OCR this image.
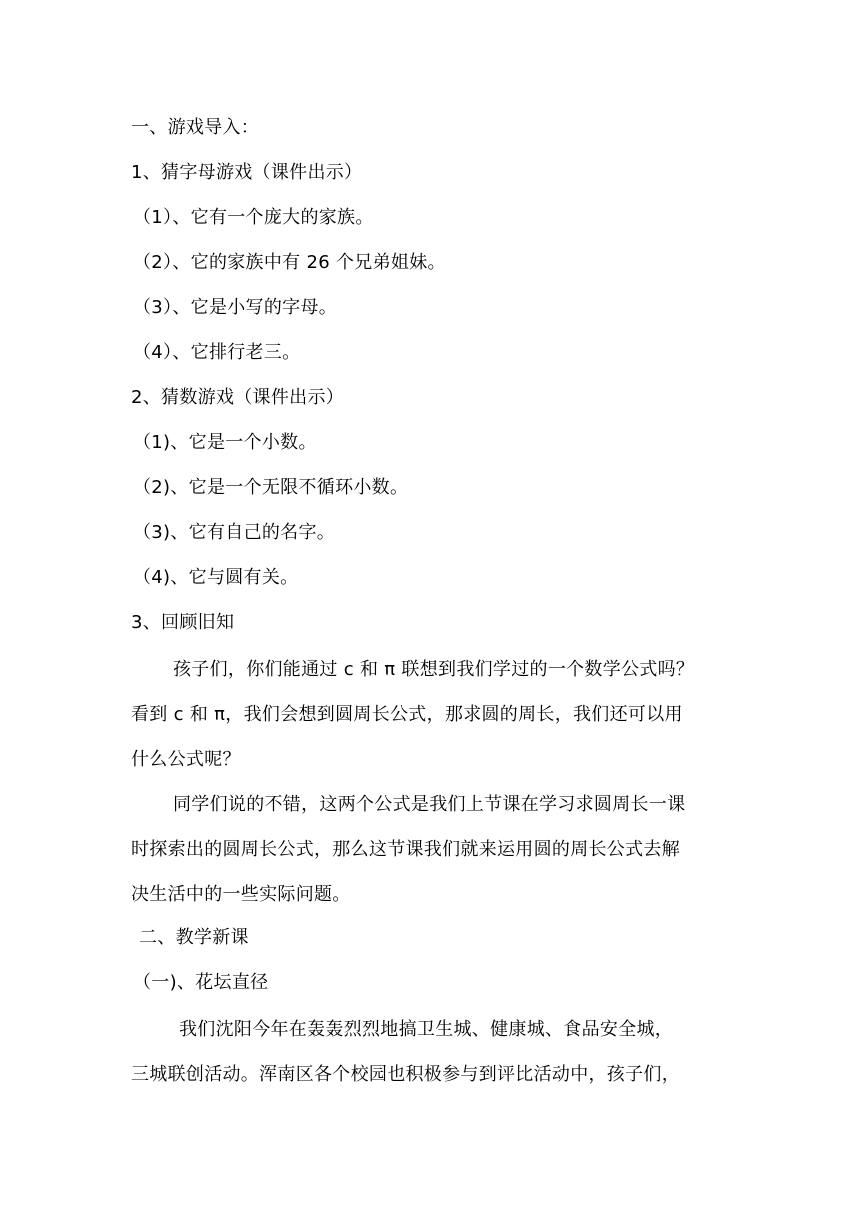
一、游戏导入：
1、猜字母游戏（课件出示）
（1）、它有一个庞大的家族。
（2）、它的家族中有 26 个兄弟姐妹。
（3）、它是小写的字母。
（4）、它排行老三。
2、猜数游戏（课件出示）
（1)、它是一个小数。
（2)、它是一个无限不循环小数。
（3)、它有自己的名字。
（4)、它与圆有关。
3、回顾旧知
孩子们，你们能通过 c 和 π 联想到我们学过的一个数学公式吗？
看到 c 和 π，我们会想到圆周长公式，那求圆的周长，我们还可以用
什么公式呢？
同学们说的不错，这两个公式是我们上节课在学习求圆周长一课
时探索出的圆周长公式，那么这节课我们就来运用圆的周长公式去解
决生活中的一些实际问题。
二、教学新课
（一)、花坛直径
我们沈阳今年在轰轰烈烈地搞卫生城、健康城、食品安全城，
三城联创活动。浑南区各个校园也积极参与到评比活动中，孩子们，
